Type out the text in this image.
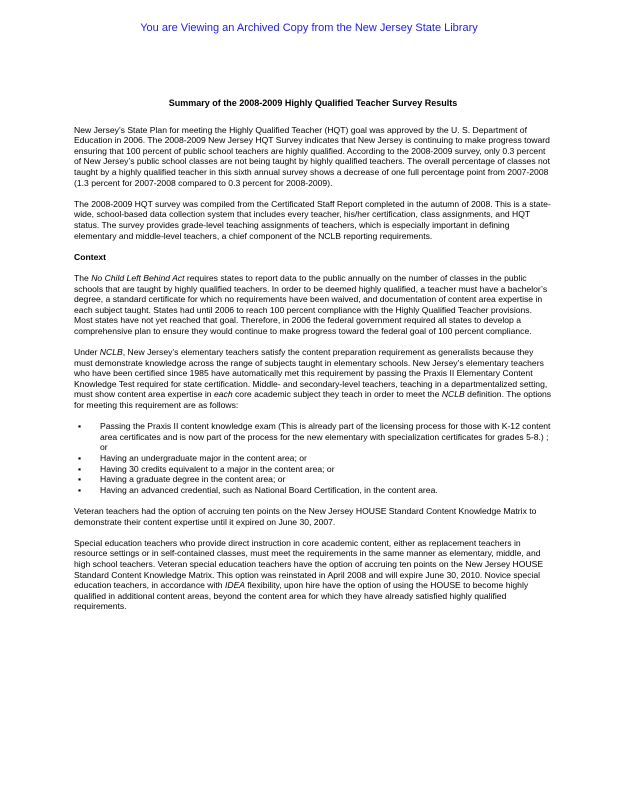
You are Viewing an Archived Copy from the New Jersey State Library
Summary of the 2008-2009 Highly Qualified Teacher Survey Results

New Jersey’s State Plan for meeting the Highly Qualified Teacher (HQT) goal was approved by the U. S. Department of Education in 2006. The 2008-2009 New Jersey HQT Survey indicates that New Jersey is continuing to make progress toward ensuring that 100 percent of public school teachers are highly qualified. According to the 2008-2009 survey, only 0.3 percent of New Jersey’s public school classes are not being taught by highly qualified teachers. The overall percentage of classes not taught by a highly qualified teacher in this sixth annual survey shows a decrease of one full percentage point from 2007-2008 (1.3 percent for 2007-2008 compared to 0.3 percent for 2008-2009).

The 2008-2009 HQT survey was compiled from the Certificated Staff Report completed in the autumn of 2008. This is a state-wide, school-based data collection system that includes every teacher, his/her certification, class assignments, and HQT status. The survey provides grade-level teaching assignments of teachers, which is especially important in defining elementary and middle-level teachers, a chief component of the NCLB reporting requirements.

Context

The No Child Left Behind Act requires states to report data to the public annually on the number of classes in the public schools that are taught by highly qualified teachers. In order to be deemed highly qualified, a teacher must have a bachelor’s degree, a standard certificate for which no requirements have been waived, and documentation of content area expertise in each subject taught. States had until 2006 to reach 100 percent compliance with the Highly Qualified Teacher provisions. Most states have not yet reached that goal. Therefore, in 2006 the federal government required all states to develop a comprehensive plan to ensure they would continue to make progress toward the federal goal of 100 percent compliance.

Under NCLB, New Jersey’s elementary teachers satisfy the content preparation requirement as generalists because they must demonstrate knowledge across the range of subjects taught in elementary schools. New Jersey’s elementary teachers who have been certified since 1985 have automatically met this requirement by passing the Praxis II Elementary Content Knowledge Test required for state certification. Middle- and secondary-level teachers, teaching in a departmentalized setting, must show content area expertise in each core academic subject they teach in order to meet the NCLB definition. The options for meeting this requirement are as follows:

▪ Passing the Praxis II content knowledge exam (This is already part of the licensing process for those with K-12 content area certificates and is now part of the process for the new elementary with specialization certificates for grades 5-8.) ; or
▪ Having an undergraduate major in the content area; or
▪ Having 30 credits equivalent to a major in the content area; or
▪ Having a graduate degree in the content area; or
▪ Having an advanced credential, such as National Board Certification, in the content area.

Veteran teachers had the option of accruing ten points on the New Jersey HOUSE Standard Content Knowledge Matrix to demonstrate their content expertise until it expired on June 30, 2007.

Special education teachers who provide direct instruction in core academic content, either as replacement teachers in resource settings or in self-contained classes, must meet the requirements in the same manner as elementary, middle, and high school teachers. Veteran special education teachers have the option of accruing ten points on the New Jersey HOUSE Standard Content Knowledge Matrix. This option was reinstated in April 2008 and will expire June 30, 2010. Novice special education teachers, in accordance with IDEA flexibility, upon hire have the option of using the HOUSE to become highly qualified in additional content areas, beyond the content area for which they have already satisfied highly qualified requirements.
